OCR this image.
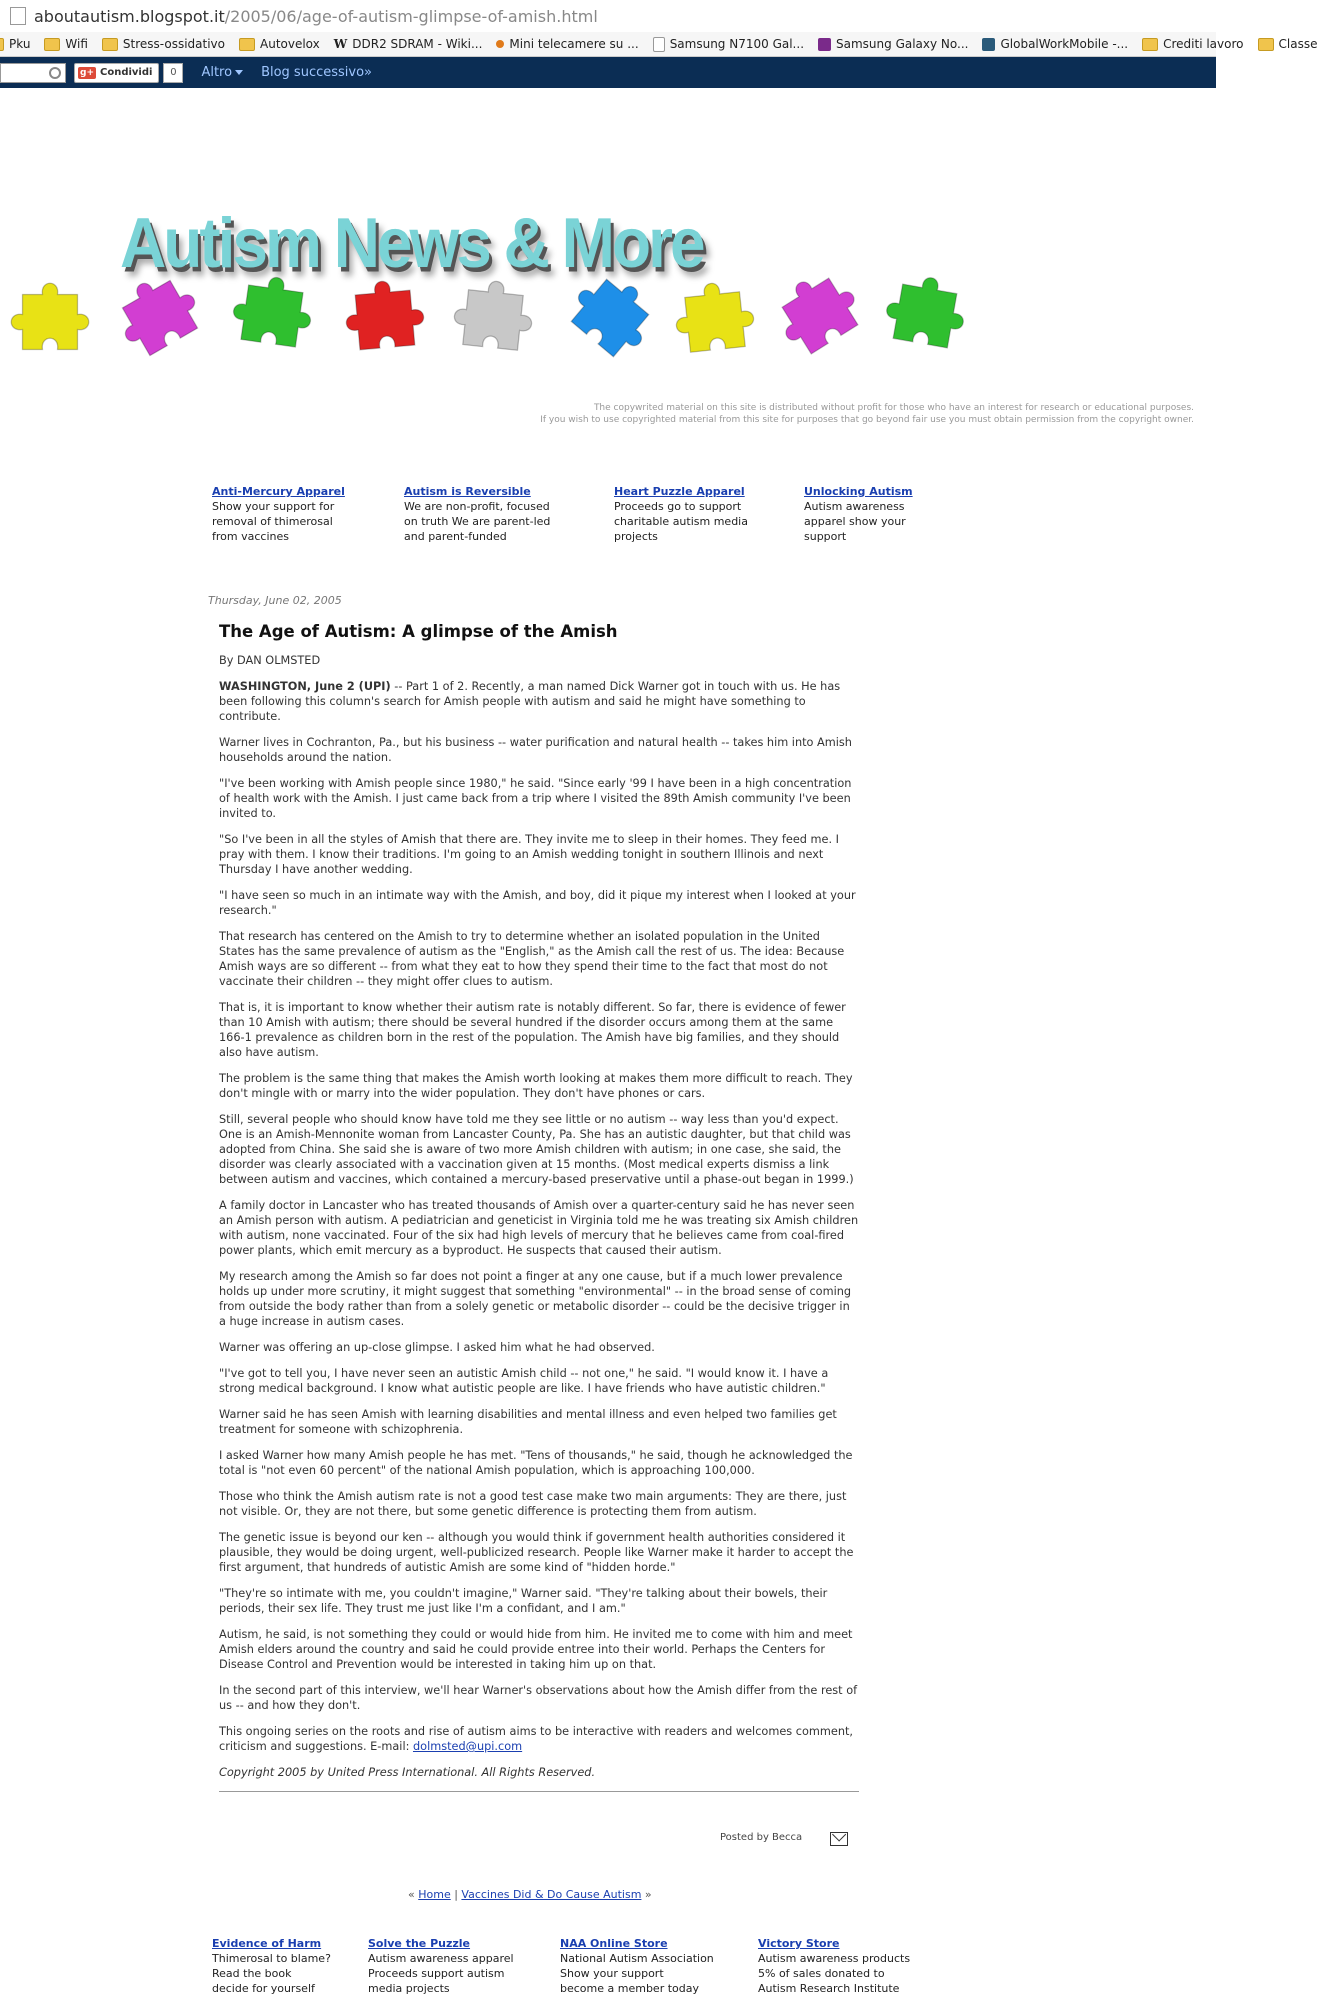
aboutautism.blogspot.it/2005/06/age-of-autism-glimpse-of-amish.html
Pku	Wifi	Stress-ossidativo	Autovelox W DDR2 SDRAM - Wiki... Mini telecamere su ...	Samsung N7100 Gal...	Samsung Galaxy No...	GlobalWorkMobile -...	Crediti lavoro	Classe
g+ Condividi	0	Altro	Blog successivo»
Autism News & More
The copywrited material on this site is distributed without profit for those who have an interest for research or educational purposes.
If you wish to use copyrighted material from this site for purposes that go beyond fair use you must obtain permission from the copyright owner.
Anti-Mercury Apparel
Show your support for
removal of thimerosal
from vaccines
Autism is Reversible
We are non-profit, focused
on truth We are parent-led
and parent-funded
Heart Puzzle Apparel
Proceeds go to support
charitable autism media
projects
Unlocking Autism
Autism awareness
apparel show your
support
Thursday, June 02, 2005
The Age of Autism: A glimpse of the Amish

By DAN OLMSTED

WASHINGTON, June 2 (UPI) -- Part 1 of 2. Recently, a man named Dick Warner got in touch with us. He has been following this column's search for Amish people with autism and said he might have something to contribute.

Warner lives in Cochranton, Pa., but his business -- water purification and natural health -- takes him into Amish households around the nation.

"I've been working with Amish people since 1980," he said. "Since early '99 I have been in a high concentration of health work with the Amish. I just came back from a trip where I visited the 89th Amish community I've been invited to.

"So I've been in all the styles of Amish that there are. They invite me to sleep in their homes. They feed me. I pray with them. I know their traditions. I'm going to an Amish wedding tonight in southern Illinois and next Thursday I have another wedding.

"I have seen so much in an intimate way with the Amish, and boy, did it pique my interest when I looked at your research."

That research has centered on the Amish to try to determine whether an isolated population in the United States has the same prevalence of autism as the "English," as the Amish call the rest of us. The idea: Because Amish ways are so different -- from what they eat to how they spend their time to the fact that most do not vaccinate their children -- they might offer clues to autism.

That is, it is important to know whether their autism rate is notably different. So far, there is evidence of fewer than 10 Amish with autism; there should be several hundred if the disorder occurs among them at the same 166-1 prevalence as children born in the rest of the population. The Amish have big families, and they should also have autism.

The problem is the same thing that makes the Amish worth looking at makes them more difficult to reach. They don't mingle with or marry into the wider population. They don't have phones or cars.

Still, several people who should know have told me they see little or no autism -- way less than you'd expect. One is an Amish-Mennonite woman from Lancaster County, Pa. She has an autistic daughter, but that child was adopted from China. She said she is aware of two more Amish children with autism; in one case, she said, the disorder was clearly associated with a vaccination given at 15 months. (Most medical experts dismiss a link between autism and vaccines, which contained a mercury-based preservative until a phase-out began in 1999.)

A family doctor in Lancaster who has treated thousands of Amish over a quarter-century said he has never seen an Amish person with autism. A pediatrician and geneticist in Virginia told me he was treating six Amish children with autism, none vaccinated. Four of the six had high levels of mercury that he believes came from coal-fired power plants, which emit mercury as a byproduct. He suspects that caused their autism.

My research among the Amish so far does not point a finger at any one cause, but if a much lower prevalence holds up under more scrutiny, it might suggest that something "environmental" -- in the broad sense of coming from outside the body rather than from a solely genetic or metabolic disorder -- could be the decisive trigger in a huge increase in autism cases.

Warner was offering an up-close glimpse. I asked him what he had observed.

"I've got to tell you, I have never seen an autistic Amish child -- not one," he said. "I would know it. I have a strong medical background. I know what autistic people are like. I have friends who have autistic children."

Warner said he has seen Amish with learning disabilities and mental illness and even helped two families get treatment for someone with schizophrenia.

I asked Warner how many Amish people he has met. "Tens of thousands," he said, though he acknowledged the total is "not even 60 percent" of the national Amish population, which is approaching 100,000.

Those who think the Amish autism rate is not a good test case make two main arguments: They are there, just not visible. Or, they are not there, but some genetic difference is protecting them from autism.

The genetic issue is beyond our ken -- although you would think if government health authorities considered it plausible, they would be doing urgent, well-publicized research. People like Warner make it harder to accept the first argument, that hundreds of autistic Amish are some kind of "hidden horde."

"They're so intimate with me, you couldn't imagine," Warner said. "They're talking about their bowels, their periods, their sex life. They trust me just like I'm a confidant, and I am."

Autism, he said, is not something they could or would hide from him. He invited me to come with him and meet Amish elders around the country and said he could provide entree into their world. Perhaps the Centers for Disease Control and Prevention would be interested in taking him up on that.

In the second part of this interview, we'll hear Warner's observations about how the Amish differ from the rest of us -- and how they don't.

This ongoing series on the roots and rise of autism aims to be interactive with readers and welcomes comment, criticism and suggestions. E-mail: dolmsted@upi.com

Copyright 2005 by United Press International. All Rights Reserved.

Posted by Becca
« Home | Vaccines Did & Do Cause Autism »
Evidence of Harm
Thimerosal to blame?
Read the book
decide for yourself
Solve the Puzzle
Autism awareness apparel
Proceeds support autism
media projects
NAA Online Store
National Autism Association
Show your support
become a member today
Victory Store
Autism awareness products
5% of sales donated to
Autism Research Institute
